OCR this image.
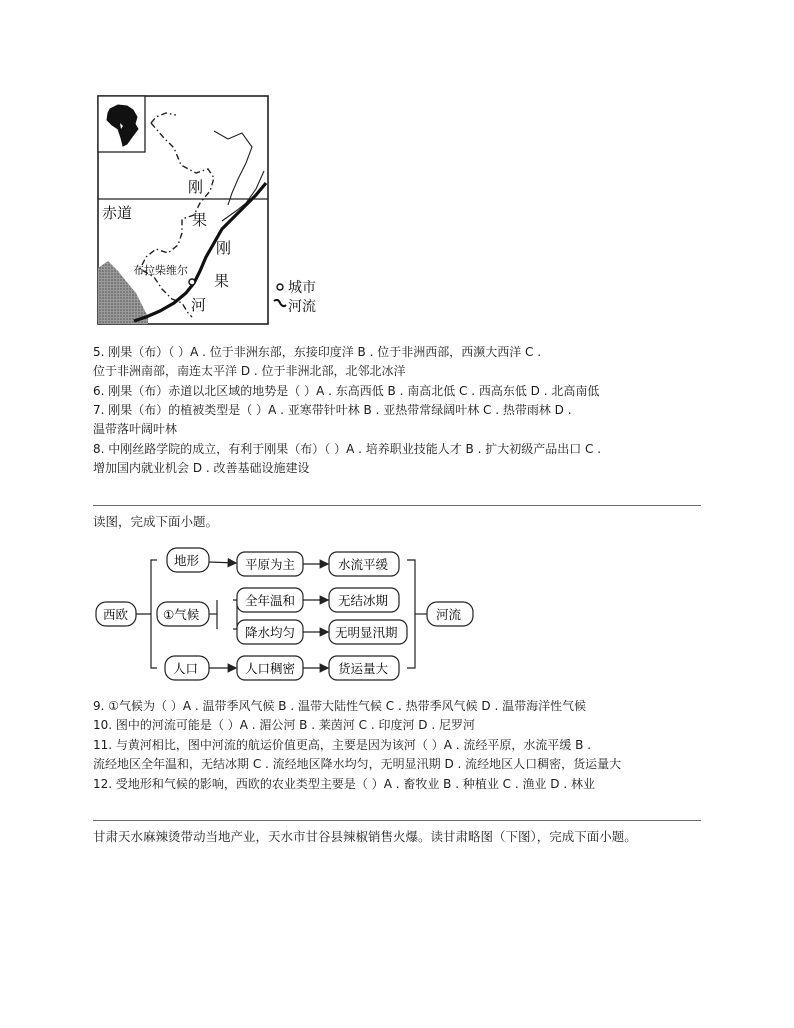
赤道
刚
果
刚
果
河
布拉柴维尔
城市
河流
5. 刚果（布）（ ）A . 位于非洲东部，东接印度洋 B . 位于非洲西部，西濒大西洋 C .
位于非洲南部，南连太平洋 D . 位于非洲北部，北邻北冰洋
6. 刚果（布）赤道以北区域的地势是（ ）A . 东高西低 B . 南高北低 C . 西高东低 D . 北高南低
7. 刚果（布）的植被类型是（ ）A . 亚寒带针叶林 B . 亚热带常绿阔叶林 C . 热带雨林 D .
温带落叶阔叶林
8. 中刚丝路学院的成立，有利于刚果（布）（ ）A . 培养职业技能人才 B . 扩大初级产品出口 C .
增加国内就业机会 D . 改善基础设施建设
读图，完成下面小题。
西欧
地形
①气候
人口
平原为主
全年温和
降水均匀
人口稠密
水流平缓
无结冰期
无明显汛期
货运量大
河流
9. ①气候为（ ）A . 温带季风气候 B . 温带大陆性气候 C . 热带季风气候 D . 温带海洋性气候
10. 图中的河流可能是（ ）A . 湄公河 B . 莱茵河 C . 印度河 D . 尼罗河
11. 与黄河相比，图中河流的航运价值更高，主要是因为该河（ ）A . 流经平原，水流平缓 B .
流经地区全年温和，无结冰期 C . 流经地区降水均匀，无明显汛期 D . 流经地区人口稠密，货运量大
12. 受地形和气候的影响，西欧的农业类型主要是（ ）A . 畜牧业 B . 种植业 C . 渔业 D . 林业
甘肃天水麻辣烫带动当地产业，天水市甘谷县辣椒销售火爆。读甘肃略图（下图），完成下面小题。
